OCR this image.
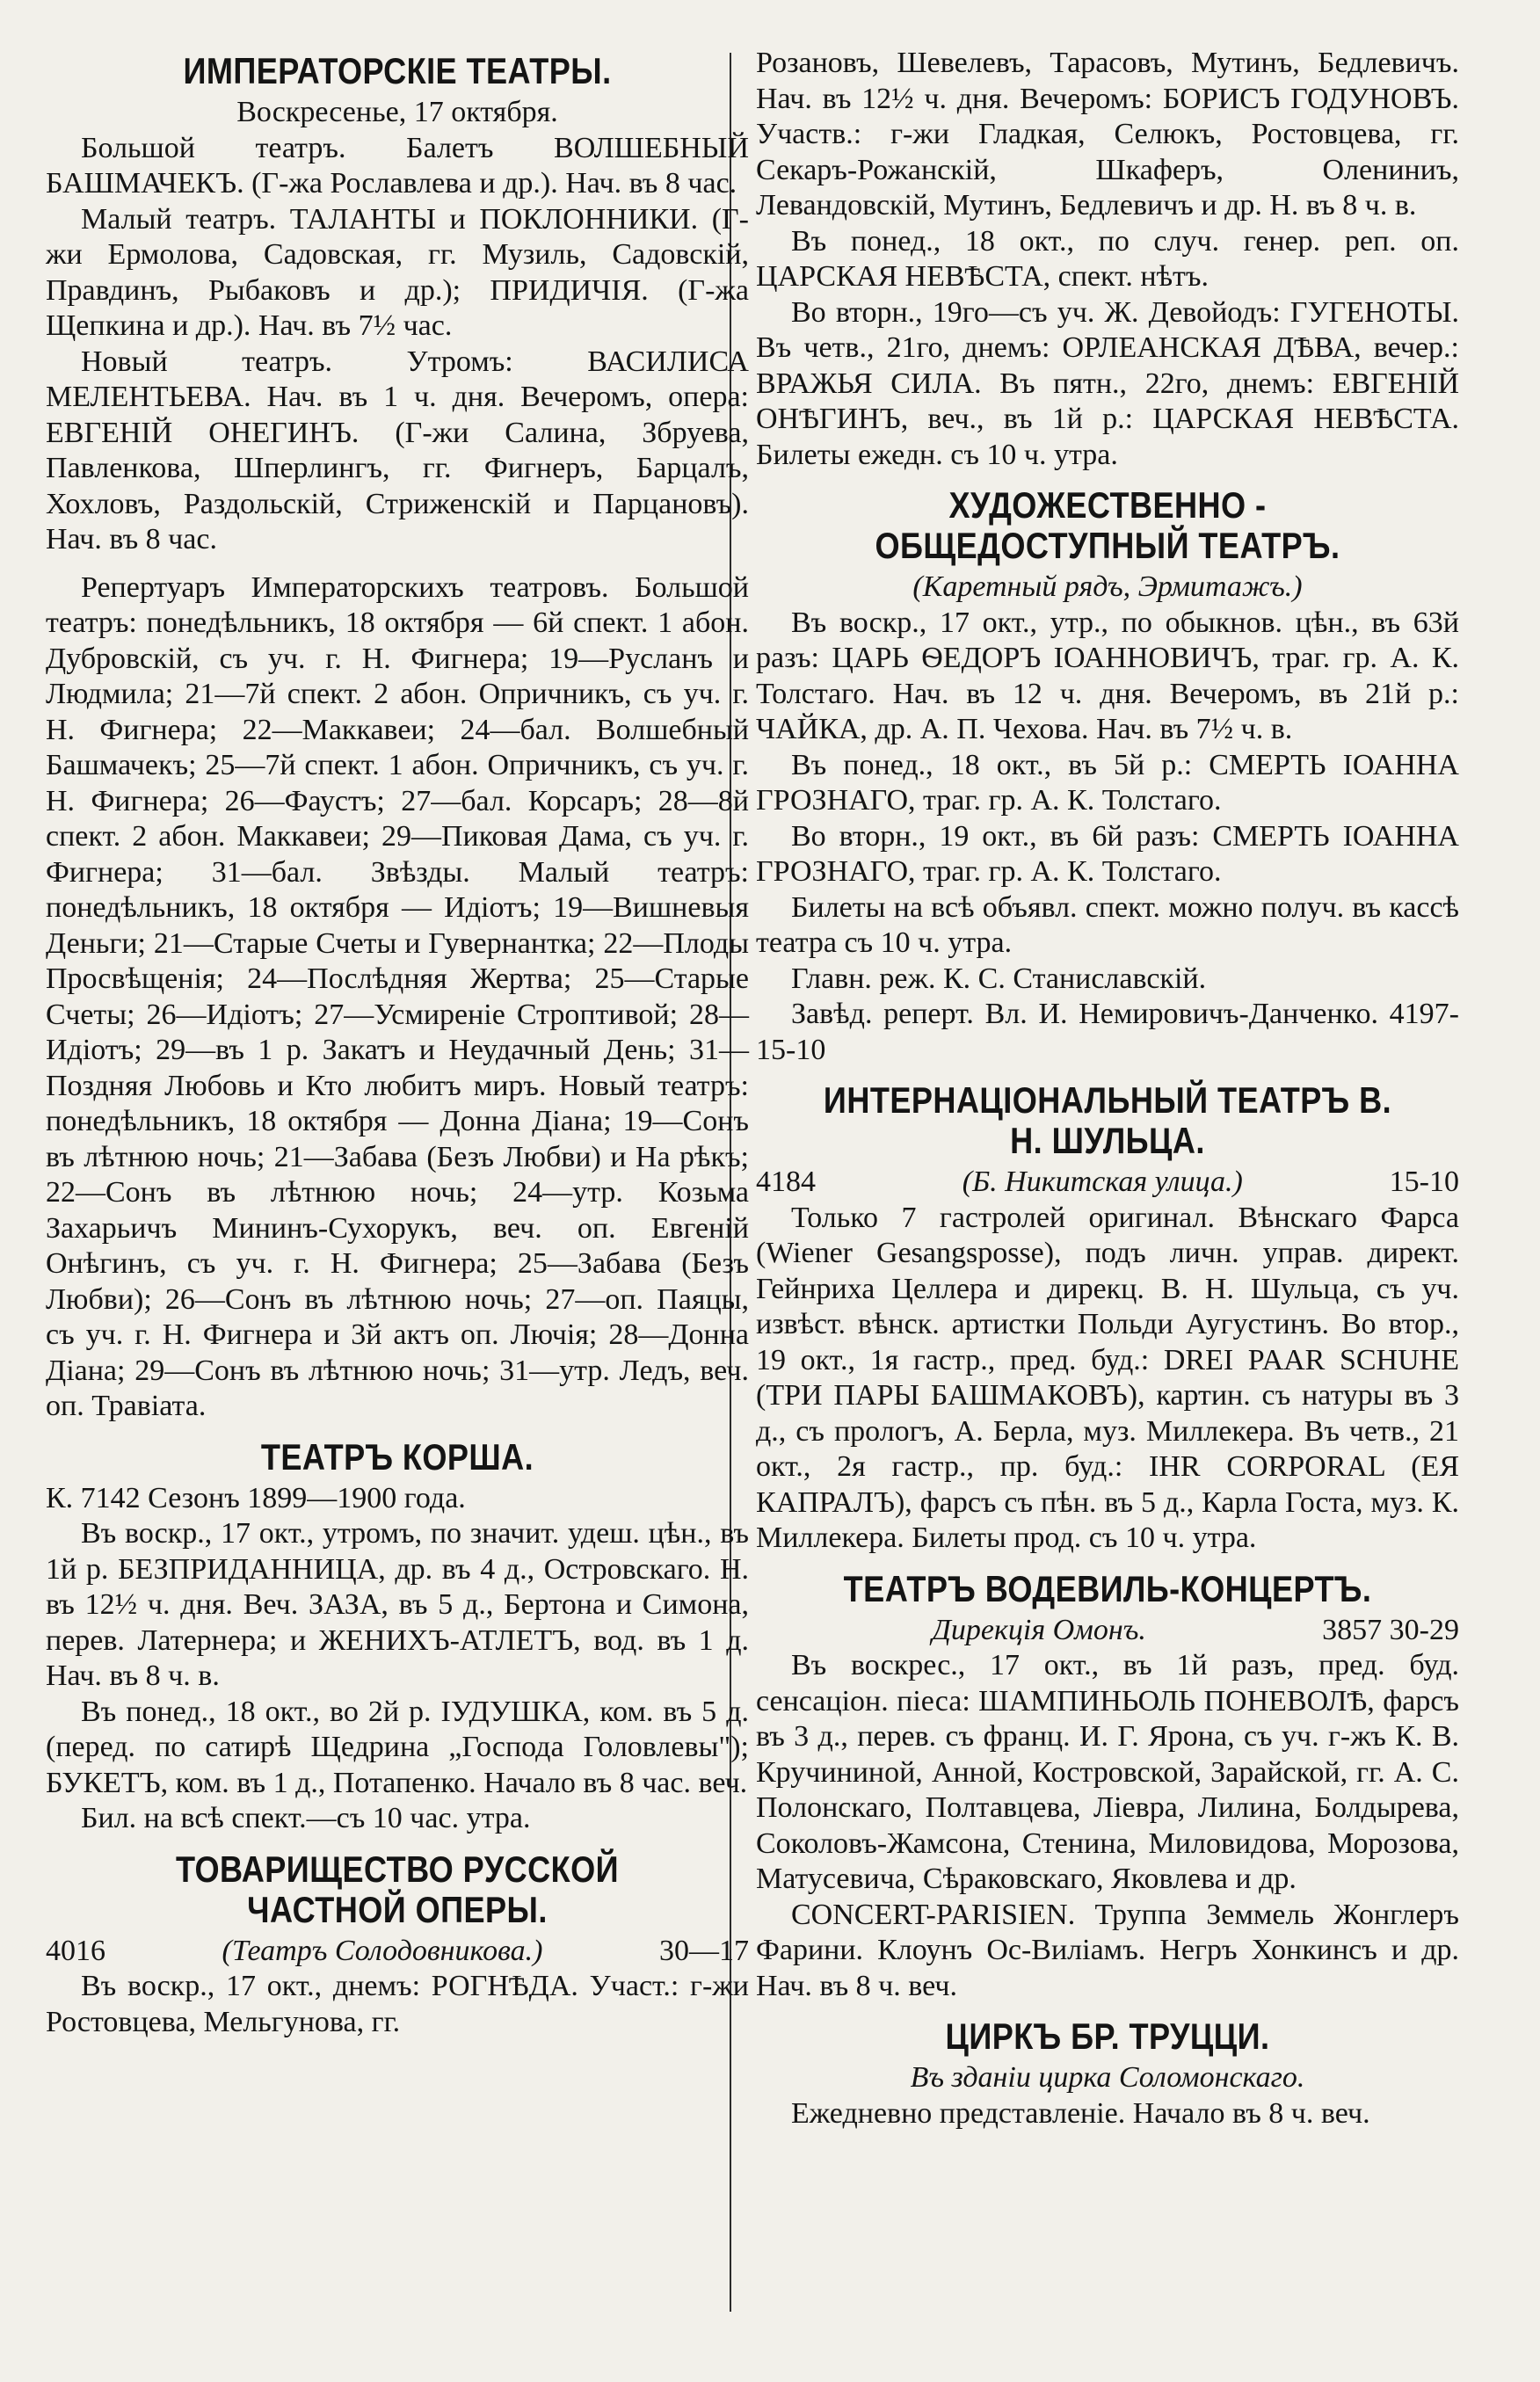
ИМПЕРАТОРСКІЕ ТЕАТРЫ.
Воскресенье, 17 октября.

Большой театръ. Балетъ ВОЛШЕБНЫЙ БАШМАЧЕКЪ. (Г-жа Рославлева и др.). Нач. въ 8 час.

Малый театръ. ТАЛАНТЫ и ПОКЛОННИКИ. (Г-жи Ермолова, Садовская, гг. Музиль, Садовскій, Правдинъ, Рыбаковъ и др.); ПРИДИЧІЯ. (Г-жа Щепкина и др.). Нач. въ 7½ час.

Новый театръ. Утромъ: ВАСИЛИСА МЕЛЕНТЬЕВА. Нач. въ 1 ч. дня. Вечеромъ, опера: ЕВГЕНІЙ ОНЕГИНЪ. (Г-жи Салина, Збруева, Павленкова, Шперлингъ, гг. Фигнеръ, Барцалъ, Хохловъ, Раздольскій, Стриженскій и Парцановъ). Нач. въ 8 час.

Репертуаръ Императорскихъ театровъ. Большой театръ: понедѣльникъ, 18 октября — 6й спект. 1 абон. Дубровскій, съ уч. г. Н. Фигнера; 19—Русланъ и Людмила; 21—7й спект. 2 абон. Опричникъ, съ уч. г. Н. Фигнера; 22—Маккавеи; 24—бал. Волшебный Башмачекъ; 25—7й спект. 1 абон. Опричникъ, съ уч. г. Н. Фигнера; 26—Фаустъ; 27—бал. Корсаръ; 28—8й спект. 2 абон. Маккавеи; 29—Пиковая Дама, съ уч. г. Фигнера; 31—бал. Звѣзды. Малый театръ: понедѣльникъ, 18 октября — Идіотъ; 19—Вишневыя Деньги; 21—Старые Счеты и Гувернантка; 22—Плоды Просвѣщенія; 24—Послѣдняя Жертва; 25—Старые Счеты; 26—Идіотъ; 27—Усмиреніе Строптивой; 28—Идіотъ; 29—въ 1 р. Закатъ и Неудачный День; 31—Поздняя Любовь и Кто любитъ миръ. Новый театръ: понедѣльникъ, 18 октября — Донна Діана; 19—Сонъ въ лѣтнюю ночь; 21—Забава (Безъ Любви) и На рѣкъ; 22—Сонъ въ лѣтнюю ночь; 24—утр. Козьма Захарьичъ Мининъ-Сухорукъ, веч. оп. Евгеній Онѣгинъ, съ уч. г. Н. Фигнера; 25—Забава (Безъ Любви); 26—Сонъ въ лѣтнюю ночь; 27—оп. Паяцы, съ уч. г. Н. Фигнера и 3й актъ оп. Лючія; 28—Донна Діана; 29—Сонъ въ лѣтнюю ночь; 31—утр. Ледъ, веч. оп. Травіата.

ТЕАТРЪ КОРША.

К. 7142 Сезонъ 1899—1900 года.

Въ воскр., 17 окт., утромъ, по значит. удеш. цѣн., въ 1й р. БЕЗПРИДАННИЦА, др. въ 4 д., Островскаго. Н. въ 12½ ч. дня. Веч. ЗАЗА, въ 5 д., Бертона и Симона, перев. Латернера; и ЖЕНИХЪ-АТЛЕТЪ, вод. въ 1 д. Нач. въ 8 ч. в.

Въ понед., 18 окт., во 2й р. ІУДУШКА, ком. въ 5 д. (перед. по сатирѣ Щедрина „Господа Головлевы"); БУКЕТЪ, ком. въ 1 д., Потапенко. Начало въ 8 час. веч.

Бил. на всѣ спект.—съ 10 час. утра.

ТОВАРИЩЕСТВО РУССКОЙ ЧАСТНОЙ ОПЕРЫ.
4016	(Театръ Солодовникова.)	30—17

Въ воскр., 17 окт., днемъ: РОГНѢДА. Участ.: г-жи Ростовцева, Мельгунова, гг.

Розановъ, Шевелевъ, Тарасовъ, Мутинъ, Бедлевичъ. Нач. въ 12½ ч. дня. Вечеромъ: БОРИСЪ ГОДУНОВЪ. Участв.: г-жи Гладкая, Селюкъ, Ростовцева, гг. Секаръ-Рожанскій, Шкаферъ, Олениниъ, Левандовскій, Мутинъ, Бедлевичъ и др. Н. въ 8 ч. в.

Въ понед., 18 окт., по случ. генер. реп. оп. ЦАРСКАЯ НЕВѢСТА, спект. нѣтъ.

Во вторн., 19го—съ уч. Ж. Девойодъ: ГУГЕНОТЫ. Въ четв., 21го, днемъ: ОРЛЕАНСКАЯ ДѢВА, вечер.: ВРАЖЬЯ СИЛА. Въ пятн., 22го, днемъ: ЕВГЕНІЙ ОНѢГИНЪ, веч., въ 1й р.: ЦАРСКАЯ НЕВѢСТА. Билеты ежедн. съ 10 ч. утра.

ХУДОЖЕСТВЕННО - ОБЩЕДОСТУПНЫЙ ТЕАТРЪ.
(Каретный рядъ, Эрмитажъ.)

Въ воскр., 17 окт., утр., по обыкнов. цѣн., въ 63й разъ: ЦАРЬ ѲЕДОРЪ ІОАННОВИЧЪ, траг. гр. А. К. Толстаго. Нач. въ 12 ч. дня. Вечеромъ, въ 21й р.: ЧАЙКА, др. А. П. Чехова. Нач. въ 7½ ч. в.

Въ понед., 18 окт., въ 5й р.: СМЕРТЬ ІОАННА ГРОЗНАГО, траг. гр. А. К. Толстаго.

Во вторн., 19 окт., въ 6й разъ: СМЕРТЬ ІОАННА ГРОЗНАГО, траг. гр. А. К. Толстаго.

Билеты на всѣ объявл. спект. можно получ. въ кассѣ театра съ 10 ч. утра.

Главн. реж. К. С. Станиславскій.

Завѣд. реперт. Вл. И. Немировичъ-Данченко. 4197-15-10

ИНТЕРНАЦІОНАЛЬНЫЙ ТЕАТРЪ В. Н. ШУЛЬЦА.
4184	(Б. Никитская улица.)	15-10

Только 7 гастролей оригинал. Вѣнскаго Фарса (Wiener Gesangsposse), подъ личн. управ. директ. Гейнриха Целлера и дирекц. В. Н. Шульца, съ уч. извѣст. вѣнск. артистки Польди Аугустинъ. Во втор., 19 окт., 1я гастр., пред. буд.: DREI PAAR SCHUHE (ТРИ ПАРЫ БАШМАКОВЪ), картин. съ натуры въ 3 д., съ прологъ, А. Берла, муз. Миллекера. Въ четв., 21 окт., 2я гастр., пр. буд.: IHR CORPORAL (ЕЯ КАПРАЛЪ), фарсъ съ пѣн. въ 5 д., Карла Госта, муз. К. Миллекера. Билеты прод. съ 10 ч. утра.

ТЕАТРЪ ВОДЕВИЛЬ-КОНЦЕРТЪ.
Дирекція Омонъ.	3857 30-29

Въ воскрес., 17 окт., въ 1й разъ, пред. буд. сенсаціон. піеса: ШАМПИНЬОЛЬ ПОНЕВОЛѢ, фарсъ въ 3 д., перев. съ франц. И. Г. Ярона, съ уч. г-жъ К. В. Кручининой, Анной, Костровской, Зарайской, гг. А. С. Полонскаго, Полтавцева, Ліевра, Лилина, Болдырева, Соколовъ-Жамсона, Стенина, Миловидова, Морозова, Матусевича, Сѣраковскаго, Яковлева и др.

CONCERT-PARISIEN. Труппа Земмель Жонглеръ Фарини. Клоунъ Ос-Виліамъ. Негръ Хонкинсъ и др. Нач. въ 8 ч. веч.

ЦИРКЪ БР. ТРУЦЦИ.
Въ зданіи цирка Соломонскаго.

Ежедневно представленіе. Начало въ 8 ч. веч.
